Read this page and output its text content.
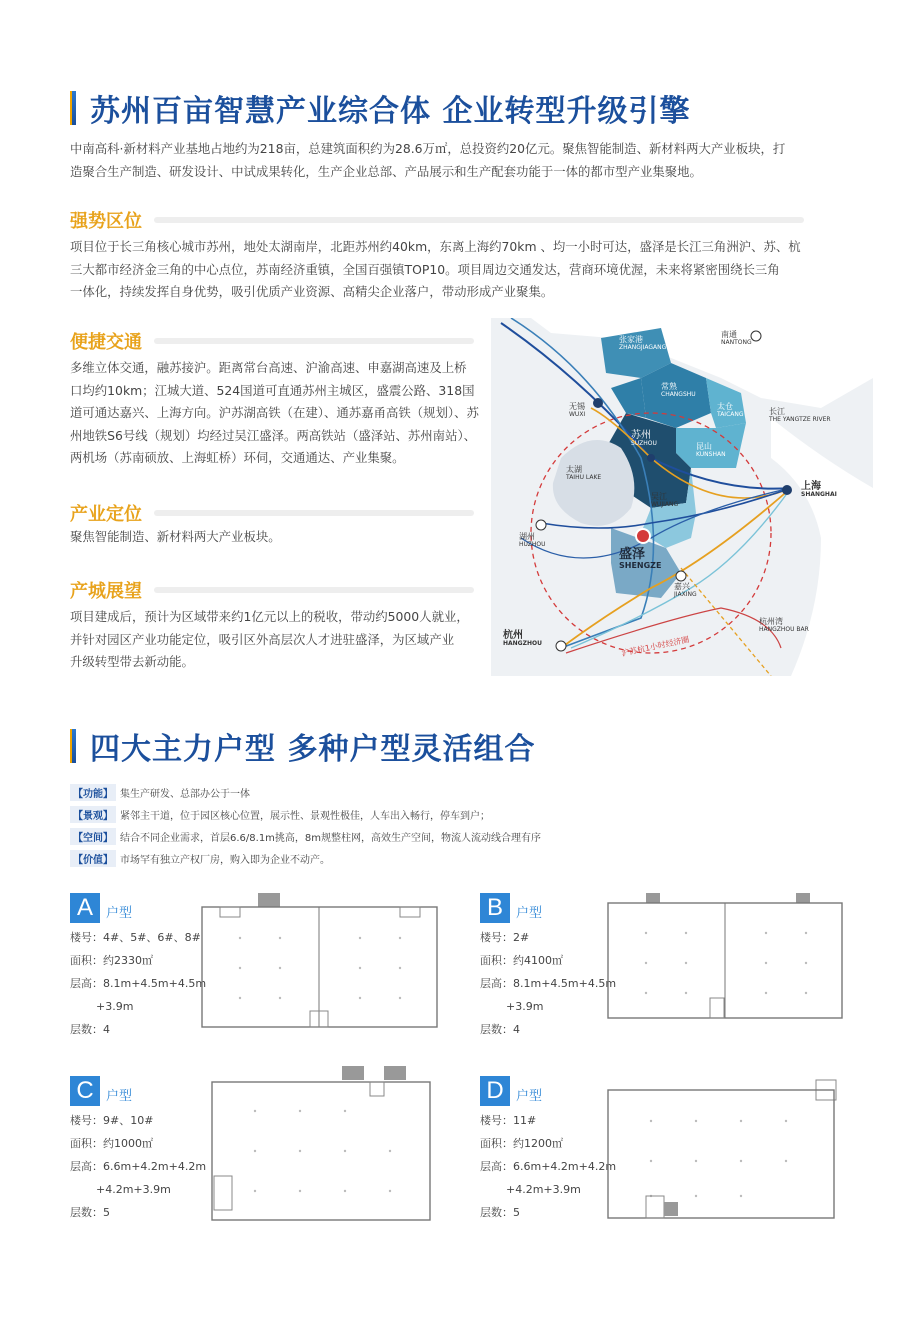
苏州百亩智慧产业综合体 企业转型升级引擎
中南高科·新材料产业基地占地约为218亩，总建筑面积约为28.6万㎡，总投资约20亿元。聚焦智能制造、新材料两大产业板块，打
造聚合生产制造、研发设计、中试成果转化，生产企业总部、产品展示和生产配套功能于一体的都市型产业集聚地。
强势区位
项目位于长三角核心城市苏州，地处太湖南岸，北距苏州约40km，东离上海约70km 、均一小时可达，盛泽是长江三角洲沪、苏、杭
三大都市经济金三角的中心点位，苏南经济重镇，全国百强镇TOP10。项目周边交通发达，营商环境优渥，未来将紧密围绕长三角
一体化，持续发挥自身优势，吸引优质产业资源、高精尖企业落户，带动形成产业聚集。
便捷交通
多维立体交通，融苏接沪。距离常台高速、沪渝高速、申嘉湖高速及上桥
口均约10km；江城大道、524国道可直通苏州主城区，盛震公路、318国
道可通达嘉兴、上海方向。沪苏湖高铁（在建）、通苏嘉甬高铁（规划）、苏
州地铁S6号线（规划）均经过吴江盛泽。两高铁站（盛泽站、苏州南站）、
两机场（苏南硕放、上海虹桥）环伺，交通通达、产业集聚。
产业定位
聚焦智能制造、新材料两大产业板块。
产城展望
项目建成后，预计为区域带来约1亿元以上的税收，带动约5000人就业，
并针对园区产业功能定位，吸引区外高层次人才进驻盛泽，为区域产业
升级转型带去新动能。
南通
NANTONG
张家港
ZHANGJIAGANG
常熟
CHANGSHU
太仓
TAICANG
无锡
WUXI	长江
THE YANGTZE RIVER
苏州
SUZHOU	昆山
KUNSHAN
太湖
TAIHU LAKE
上海
SHANGHAI
吴江
WUJIANG
湖州
HUZHOU
盛泽
SHENGZE
嘉兴
JIAXING
杭州湾
HANGZHOU BAR
杭州
HANGZHOU	沪苏杭1小时经济圈
四大主力户型 多种户型灵活组合
【功能】 集生产研发、总部办公于一体
【景观】 紧邻主干道，位于园区核心位置，展示性、景观性极佳，人车出入畅行，停车到户；
【空间】 结合不同企业需求，首层6.6/8.1m挑高，8m规整柱网，高效生产空间，物流人流动线合理有序
【价值】 市场罕有独立产权厂房，购入即为企业不动产。
A	户型
楼号：4#、5#、6#、8#
面积：约2330㎡
层高：8.1m+4.5m+4.5m
+3.9m
层数：4
B	户型
楼号：2#
面积：约4100㎡
层高：8.1m+4.5m+4.5m
+3.9m
层数：4
C 户型
楼号：9#、10#
面积：约1000㎡
层高：6.6m+4.2m+4.2m
+4.2m+3.9m
层数：5
D 户型
楼号：11#
面积：约1200㎡
层高：6.6m+4.2m+4.2m
+4.2m+3.9m
层数：5
